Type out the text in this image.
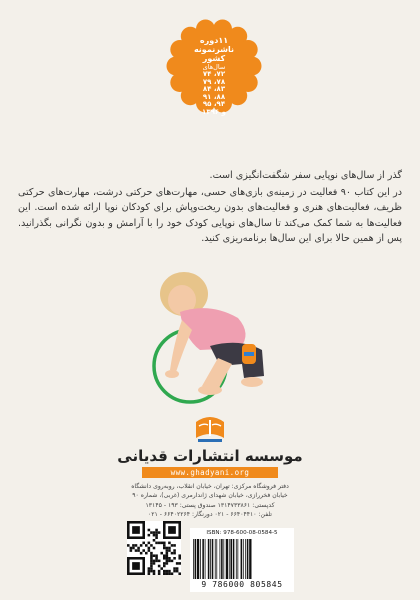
۱۱دوره
ناشرنمونه
کشور
سال‌های
۷۲، ۷۴
۷۸، ۷۹
۸۳، ۸۴
۸۸، ۹۱
۹۴، ۹۵
و ۱۳۹۶

گذر از سال‌های نوپایی سفر شگفت‌انگیزی است.

در این کتاب ۹۰ فعالیت در زمینه‌ی بازی‌های حسی، مهارت‌های حرکتی درشت، مهارت‌های حرکتی ظریف، فعالیت‌های هنری و فعالیت‌های بدون ریخت‌وپاش برای کودکان نوپا ارائه شده است. این فعالیت‌ها به شما کمک می‌کند تا سال‌های نوپایی کودک خود را با آرامش و بدون نگرانی بگذرانید. پس از همین حالا برای این سال‌ها برنامه‌ریزی کنید.

موسسه انتشارات قدیانی
www.ghadyani.org

دفتر فروشگاه مرکزی: تهران، خیابان انقلاب، روبه‌روی دانشگاه

خیابان فخررازی، خیابان شهدای ژاندارمری (غربی)، شماره ۹۰

کدپستی: ۱۳۱۴۷۳۳۸۶۱ صندوق پستی: ۱۹۳ - ۱۳۱۴۵

تلفن: ۶۶۴۰۴۴۱۰ - ۰۲۱ دورنگار: ۶۶۴۰۲۲۶۴ - ۰۲۱

ISBN: 978-600-08-0584-5
9 786000 805845
